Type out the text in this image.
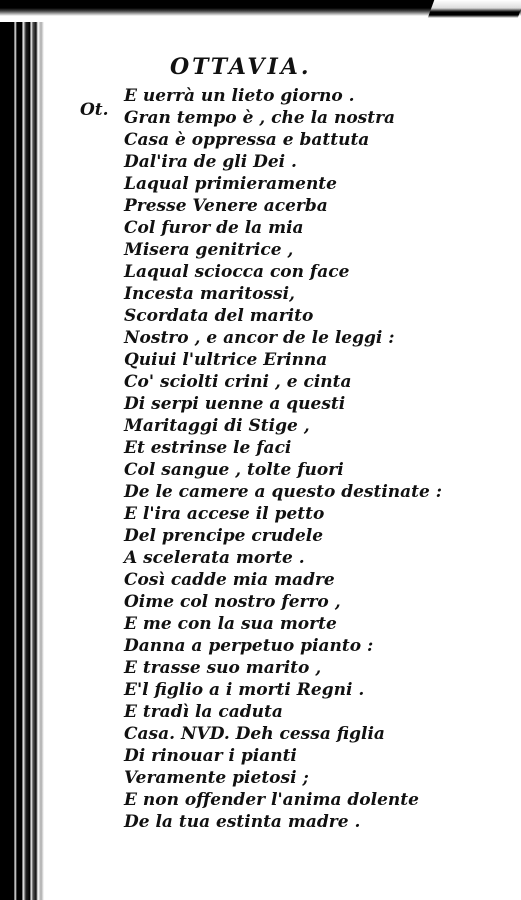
OTTAVIA.
Ot.
E uerrà un lieto giorno .
Gran tempo è , che la nostra
Casa è oppressa e battuta
Dal'ira de gli Dei .
Laqual primieramente
Presse Venere acerba
Col furor de la mia
Misera genitrice ,
Laqual sciocca con face
Incesta maritossi,
Scordata del marito
Nostro , e ancor de le leggi :
Quiui l'ultrice Erinna
Co' sciolti crini , e cinta
Di serpi uenne a questi
Maritaggi di Stige ,
Et estrinse le faci
Col sangue , tolte fuori
De le camere a questo destinate :
E l'ira accese il petto
Del prencipe crudele
A scelerata morte .
Così cadde mia madre
Oime col nostro ferro ,
E me con la sua morte
Danna a perpetuo pianto :
E trasse suo marito ,
E'l figlio a i morti Regni .
E tradì la caduta
Casa. NVD. Deh cessa figlia
Di rinouar i pianti
Veramente pietosi ;
E non offender l'anima dolente
De la tua estinta madre .
